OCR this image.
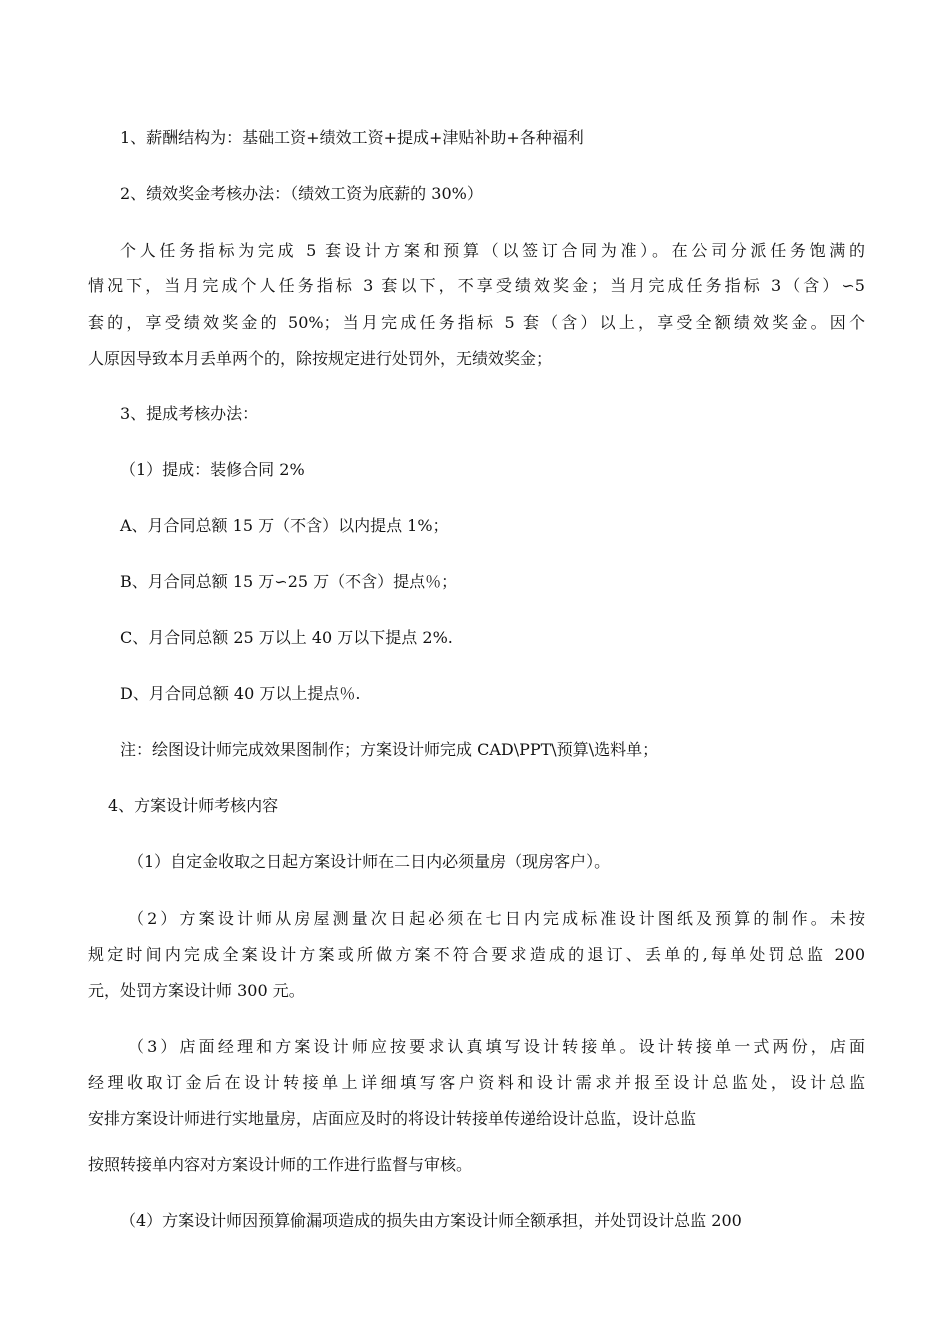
1、薪酬结构为：基础工资+绩效工资+提成+津贴补助+各种福利
2、绩效奖金考核办法：（绩效工资为底薪的 30%）
个人任务指标为完成 5 套设计方案和预算（以签订合同为准）。在公司分派任务饱满的
情况下，当月完成个人任务指标 3 套以下，不享受绩效奖金；当月完成任务指标 3（含）∽5
套的，享受绩效奖金的 50%；当月完成任务指标 5 套（含）以上，享受全额绩效奖金。因个
人原因导致本月丢单两个的，除按规定进行处罚外，无绩效奖金；
3、提成考核办法：
（1）提成：装修合同 2%
A、月合同总额 15 万（不含）以内提点 1%；
B、月合同总额 15 万∽25 万（不含）提点％；
C、月合同总额 25 万以上 40 万以下提点 2%.
D、月合同总额 40 万以上提点％.
注：绘图设计师完成效果图制作；方案设计师完成 CAD\PPT\预算\选料单；
4、方案设计师考核内容
（1）自定金收取之日起方案设计师在二日内必须量房（现房客户）。
（2）方案设计师从房屋测量次日起必须在七日内完成标准设计图纸及预算的制作。未按
规定时间内完成全案设计方案或所做方案不符合要求造成的退订、丢单的,每单处罚总监 200
元，处罚方案设计师 300 元。
（3）店面经理和方案设计师应按要求认真填写设计转接单。设计转接单一式两份，店面
经理收取订金后在设计转接单上详细填写客户资料和设计需求并报至设计总监处，设计总监
安排方案设计师进行实地量房，店面应及时的将设计转接单传递给设计总监，设计总监
按照转接单内容对方案设计师的工作进行监督与审核。
（4）方案设计师因预算偷漏项造成的损失由方案设计师全额承担，并处罚设计总监 200
